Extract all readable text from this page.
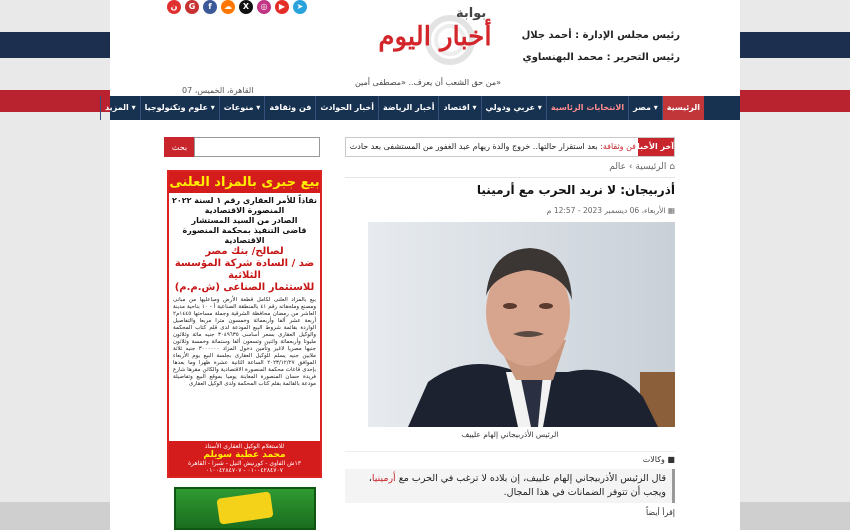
ن	G	f	☁	X	◎	▶	➤	بوابة
أخبار اليوم
من حق الشعب أن يعرف.. «مصطفى أمين»
القاهرة، الخميس، 07
رئيس مجلس الإدارة : أحمد جلال
رئيس التحرير : محمد البهنساوي
الرئيسية
مصر ▾
الانتخابات الرئاسية
عربي ودولي ▾
اقتصاد ▾
أخبار الرياضة
أخبار الحوادث
فن وثقافة
منوعات ▾
علوم وتكنولوجيا ▾
المزيد ▾
بحث
بيع جبرى بالمزاد العلنى
نفاذاً للأمر العقارى رقم ١ لسنة ٢٠٢٢
المنصورة الاقتصادية
الصادر من السيد المستشار
قاضى التنفيذ بمحكمة المنصورة الاقتصادية
لصالح/ بنك مصر
ضد / السادة شركة المؤسسة الثلاثية
للاستثمار الصناعى (ش.م.م)
بيع بالمزاد العلنى لكامل قطعة الأرض ومباعليها من مبانى ومصنع وملحقاته رقم ٤١ بالمنطقة الصناعية أ - ١٠ بناحية مدينة العاشر من رمضان محافظة الشرقية وجملة مساحتها ١٤٤٥م٢ أربعة عشر ألفا وأربعمائة وخمسون مترا مربعا والتفاصيل الواردة بقائمة شروط البيع المودعة لدى قلم كتاب المحكمة والوكيل العقارى بسعر أساسى ٣٠٤٩٦٣٥ جنيه مائة وثلاثون مليونا وأربعمائة واثنين وتسعون ألفا وستمائة وخمسة وثلاثون جنيها مصريا لاغير وتأمين دخول المزاد ٣٠٠٠٠٠٠ جنيه ثلاثة ملايين جنيه يسلم للوكيل العقارى بجلسة البيع يوم الأربعاء الموافق ٢٠٢٣/١٢/٢٧ الساعة الثانية عشرة ظهرا وما بعدها بإحدى قاعات محكمة المنصورة الاقتصادية والكائن مقرها شارع فريدة حسان المنصورة المعاينة يوميا بموقع البيع وتفاصيلة مودعة بالقائمة بقلم كتاب المحكمة ولدى الوكيل العقارى
للاستعلام الوكيل العقارى الأستاذ
محمد عطية سويلم
١٣ش الفاوى - كورنيش النيل - شبرا - القاهرة
٠١٠٠٤٢٨٤٧٠٧ - ٠١٠٠٤٢٨٤٧٠٧
آخر الأخبار
فن وثقافة: بعد استقرار حالتها.. خروج والدة ريهام عبد الغفور من المستشفى بعد حادث
⌂ الرئيسية › عالم
أذربيجان: لا نريد الحرب مع أرمينيا
▦ الأربعاء، 06 ديسمبر 2023 - 12:57 م
الرئيس الأذربيجاني إلهام علييف
■ وكالات

قال الرئيس الأذربيجاني إلهام علييف، إن بلاده لا ترغب في الحرب مع أرمينيا، ويجب أن تتوفر الضمانات في هذا المجال.

إقرأ أيضاً
